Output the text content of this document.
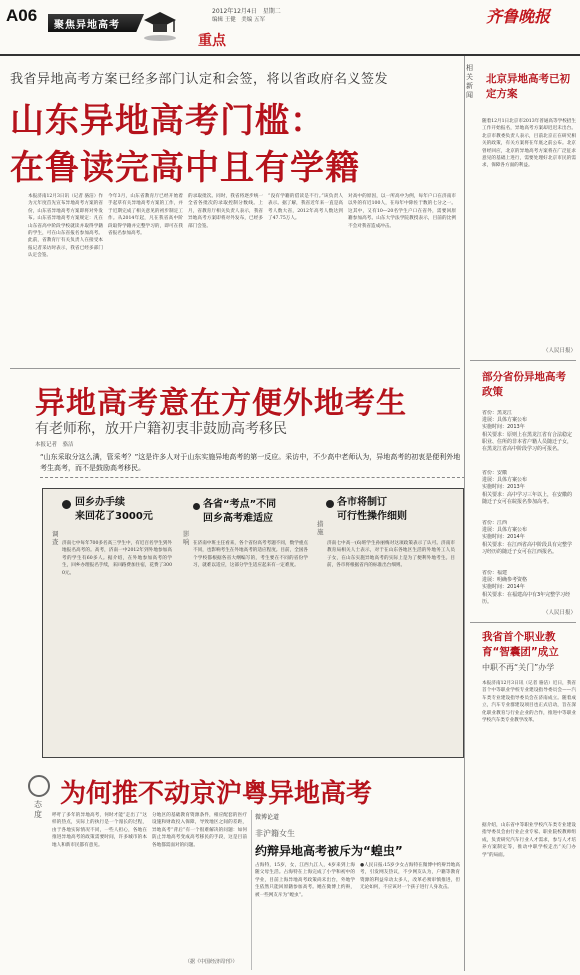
A06
聚焦异地高考
2012年12月4日　星期二
编辑 王健　美编 五军
重点
齐鲁晚报
我省异地高考方案已经多部门认定和会签，将以省政府名义签发
山东异地高考门槛：
在鲁读完高中且有学籍
本报济南12月3日讯（记者 骆洁）作为元年度首先宣布异地高考方案的省份，山东省异地高考方案即将对外发布。山东省异地高考方案规定：凡在山东省高中阶段学校就读并取得学籍的学生，可在山东省报名参加高考。此前，省教育厅有关负责人在接受本报记者采访时表示，我省已经多部门认定会签。
今年3月，山东省教育厅已经开始着手起草有关异地高考方案的工作，并于近期完成了相关意见的初步制定工作。从2014年起，凡在我省高中阶段取得学籍并完整学习的，即可在我省报名参加高考。
的录取批次。同时，我省将逐步统一全省各批次的录取控制分数线。上月，省教育厅相关负责人表示，我省异地高考方案即将对外发布，已经多部门会签。
“没有学籍的借读是不行。”该负责人表示。据了解，我省近年来一直是高考人数大省，2012年高考人数达到了47.75万人。
对高中的原因，以一所高中为例，每年户口在济南市以外的有近100人，在每年中除佐于数的七分之一。这其中，又有10—20名学生户口在省外，需要回原籍参加高考。山东大学法学院教授表示，目前的比例不会对我省造成冲击。
异地高考意在方便外地考生
有老师称，放开户籍初衷非鼓励高考移民
本报记者　骆洁
“山东采取分这么满，管采考？”这是许多人对于山东实施异地高考的第一反应。采访中，不少高中老师认为，异地高考的初衷是便利外地考生高考，而不是鼓励高考移民。
调查
回乡办手续
来回花了3000元
济南七中每年700多名高三学生中，有近百名学生到外地报名高考的。高考，济南一中2012年到外地参加高考的学生有60多人。据介绍，在外地参加高考的学生，回乡办理报名手续，来回路费加住宿，花费了3000元。
影响
各省“考点”不同
回乡高考难适应
在济南中班主任看来，各个省份高考考题不同，数学重点不同，也影响考生在外地高考的适应程度。目前，全国各个学校都根据各省大纲编写的，考生要在不同的省份学习，就难以适应，这部分学生适应起来有一定难度。
措施
各市将制订
可行性操作细则
济南七中高一(6)班学生孙丽梅对这项政策表示了认可。济南市教育局相关人士表示，对于在山东各地区生活的外地务工人员子女，在山东实施异地高考的实际上是为了便利外地考生。目前，各市将根据省内的标准出台细则。
态度
为何推不动京沪粤异地高考
呼吁了多年的异地高考，何时才能“走出了”这样的热点，实际上的执行是一个漫长的过程，由于各地实际情况不同，一些人担心，各地在推进异地高考的政策需要时间，许多城市的本地人和新市民都有意见。
分地区的基础教育资源条件，相应配套的医疗设施和财政投入保障，导致地区之间的差距，异地高考“背后”有一个很难解决的问题：如何防止异地高考变成高考移民的手段，这是目前各地都需面对的问题。
（据《中国经济周刊》）
微博论道
非沪籍女生
约辩异地高考被斥为“蝗虫”
占海特，15岁，女，江西九江人，4岁来到上海随父母生活。占海特在上海完成了小学和初中的学业，目前上海异地高考政策尚未出台，外地学生依然只能回原籍参加高考。她在微博上约辩，被一些网友斥为“蝗虫”。
●人民日报:15岁少女占海特在微博中约辩异地高考，引发网友热议，不少网友认为，户籍等教育资源的利益牵动太多人，改革必须审慎推进，但无论如何，不应该对一个孩子进行人身攻击。
相关新闻
北京异地高考已初定方案
随着12月1日北京市2013年普通高等学校招生工作开始报名，异地高考方案却迟迟未出台。北京市教委负责人表示，目前北京正在研究相关的政策，有关方案将在年底之前公布。北京曾经回应，北京的异地高考方案将在广泛征求意见的基础上进行，需要处理好北京市民的需求，保障各方面的利益。
（人民日报）
部分省份异地高考政策
省份：黑龙江
进展：具体方案公布
实施时间：2013年
相关要求：原则上在黑龙江省有合法稳定职业、住所的非本省户籍人员随迁子女，在黑龙江省高中阶段学习的可报名。
省份：安徽
进展：具体方案公布
实施时间：2013年
相关要求：高中学习三年以上，在安徽的随迁子女可在皖报名参加高考。
省份：江西
进展：具体方案公布
实施时间：2014年
相关要求：在江西省高中阶段具有完整学习经历的随迁子女可在江西报名。
省份：福建
进展：明确参考资格
实施时间：2014年
相关要求：在福建高中有3年完整学习经历。
（人民日报）
我省首个职业教育“智囊团”成立
中职不再“关门”办学
本报济南12月3日讯（记者 骆洁）近日，我省首个中等职业学校专业建设指导委员会——汽车类专业建设指导委员会在济南成立。随着成立，汽车专业群建设项目也正式启动，旨在深化职业教育与行业企业的合作，推进中等职业学校汽车类专业教学改革。
据介绍，山东省中等职业学校汽车类专业建设指导委员会由行业企业专家、职业院校教师组成，负责研究汽车行业人才需求，参与人才培养方案制定等，推动中职学校走出“关门办学”的局面。
